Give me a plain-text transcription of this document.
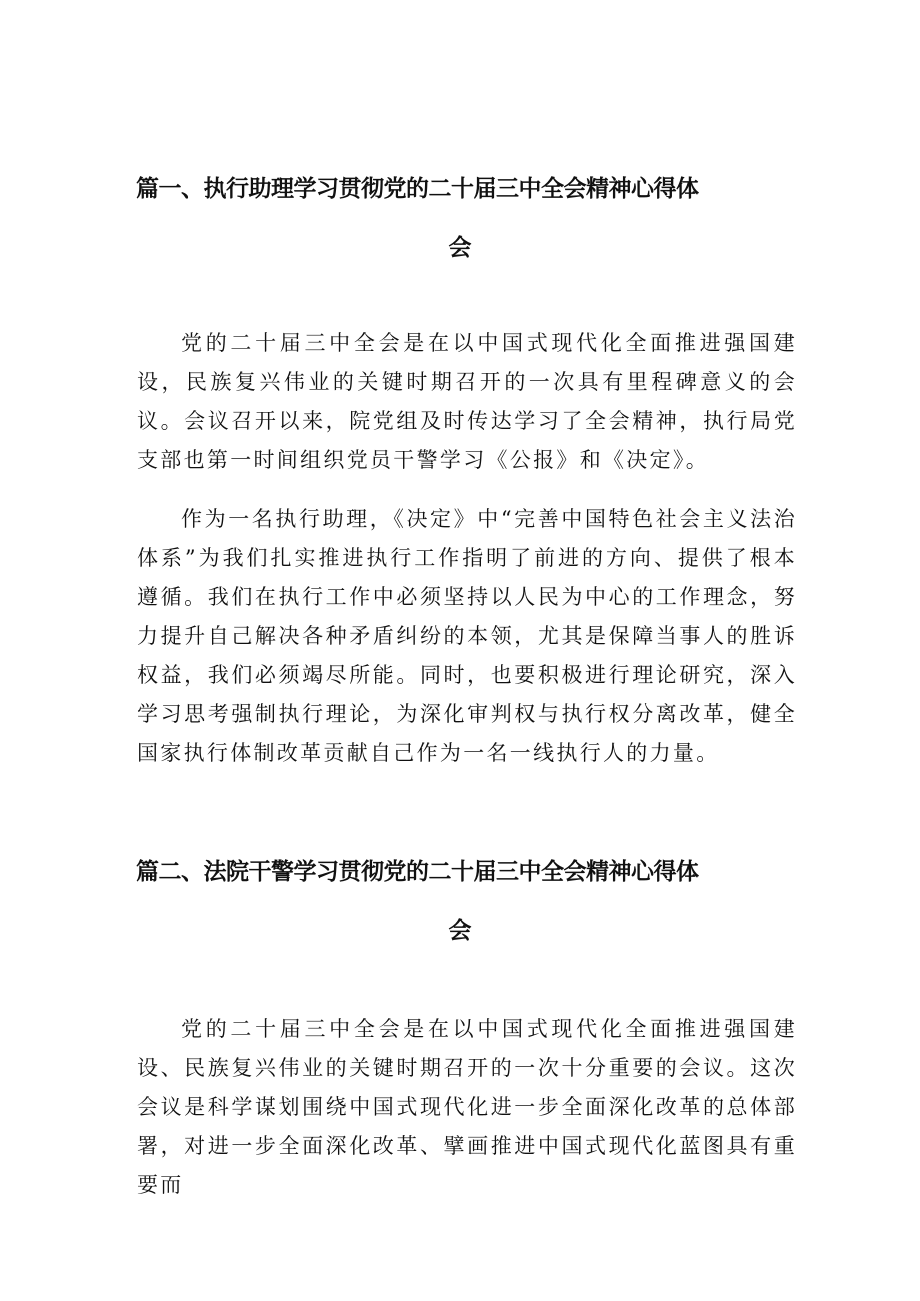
篇一、执行助理学习贯彻党的二十届三中全会精神心得体
会

党的二十届三中全会是在以中国式现代化全面推进强国建设，民族复兴伟业的关键时期召开的一次具有里程碑意义的会议。会议召开以来，院党组及时传达学习了全会精神，执行局党支部也第一时间组织党员干警学习《公报》和《决定》。

作为一名执行助理，《决定》中“完善中国特色社会主义法治体系”为我们扎实推进执行工作指明了前进的方向、提供了根本遵循。我们在执行工作中必须坚持以人民为中心的工作理念，努力提升自己解决各种矛盾纠纷的本领，尤其是保障当事人的胜诉权益，我们必须竭尽所能。同时，也要积极进行理论研究，深入学习思考强制执行理论，为深化审判权与执行权分离改革，健全国家执行体制改革贡献自己作为一名一线执行人的力量。

篇二、法院干警学习贯彻党的二十届三中全会精神心得体
会

党的二十届三中全会是在以中国式现代化全面推进强国建设、民族复兴伟业的关键时期召开的一次十分重要的会议。这次会议是科学谋划围绕中国式现代化进一步全面深化改革的总体部署，对进一步全面深化改革、擘画推进中国式现代化蓝图具有重要而
